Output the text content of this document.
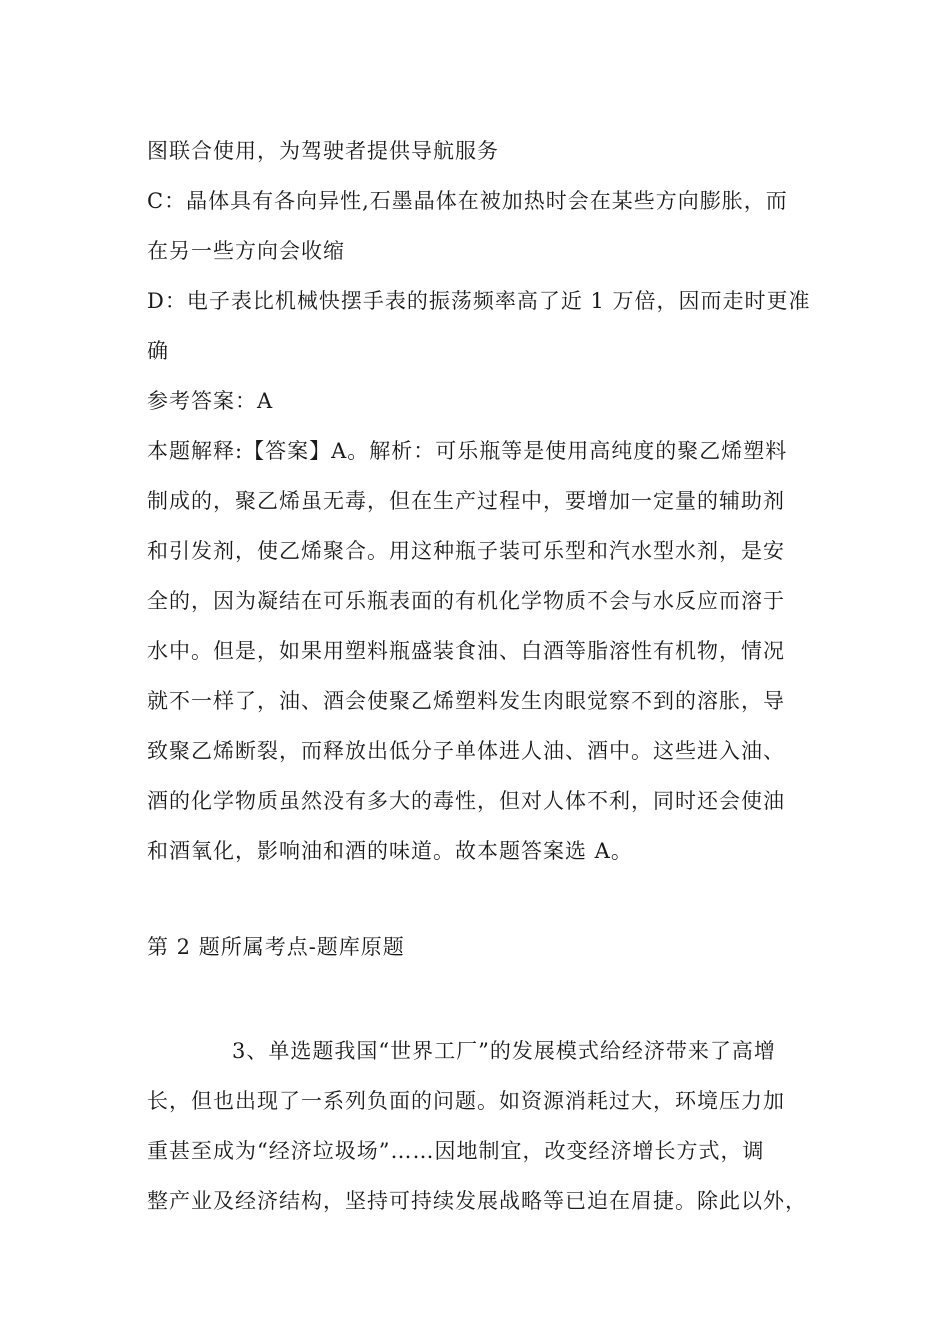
图联合使用，为驾驶者提供导航服务
C：晶体具有各向异性,石墨晶体在被加热时会在某些方向膨胀，而
在另一些方向会收缩
D：电子表比机械快摆手表的振荡频率高了近 1 万倍，因而走时更准
确
参考答案：A
本题解释:【答案】A。解析：可乐瓶等是使用高纯度的聚乙烯塑料
制成的，聚乙烯虽无毒，但在生产过程中，要增加一定量的辅助剂
和引发剂，使乙烯聚合。用这种瓶子装可乐型和汽水型水剂，是安
全的，因为凝结在可乐瓶表面的有机化学物质不会与水反应而溶于
水中。但是，如果用塑料瓶盛装食油、白酒等脂溶性有机物，情况
就不一样了，油、酒会使聚乙烯塑料发生肉眼觉察不到的溶胀，导
致聚乙烯断裂，而释放出低分子单体进人油、酒中。这些进入油、
酒的化学物质虽然没有多大的毒性，但对人体不利，同时还会使油
和酒氧化，影响油和酒的味道。故本题答案选 A。
第 2 题所属考点-题库原题
3、单选题我国“世界工厂”的发展模式给经济带来了高增
长，但也出现了一系列负面的问题。如资源消耗过大，环境压力加
重甚至成为“经济垃圾场”……因地制宜，改变经济增长方式，调
整产业及经济结构，坚持可持续发展战略等已迫在眉捷。除此以外，
